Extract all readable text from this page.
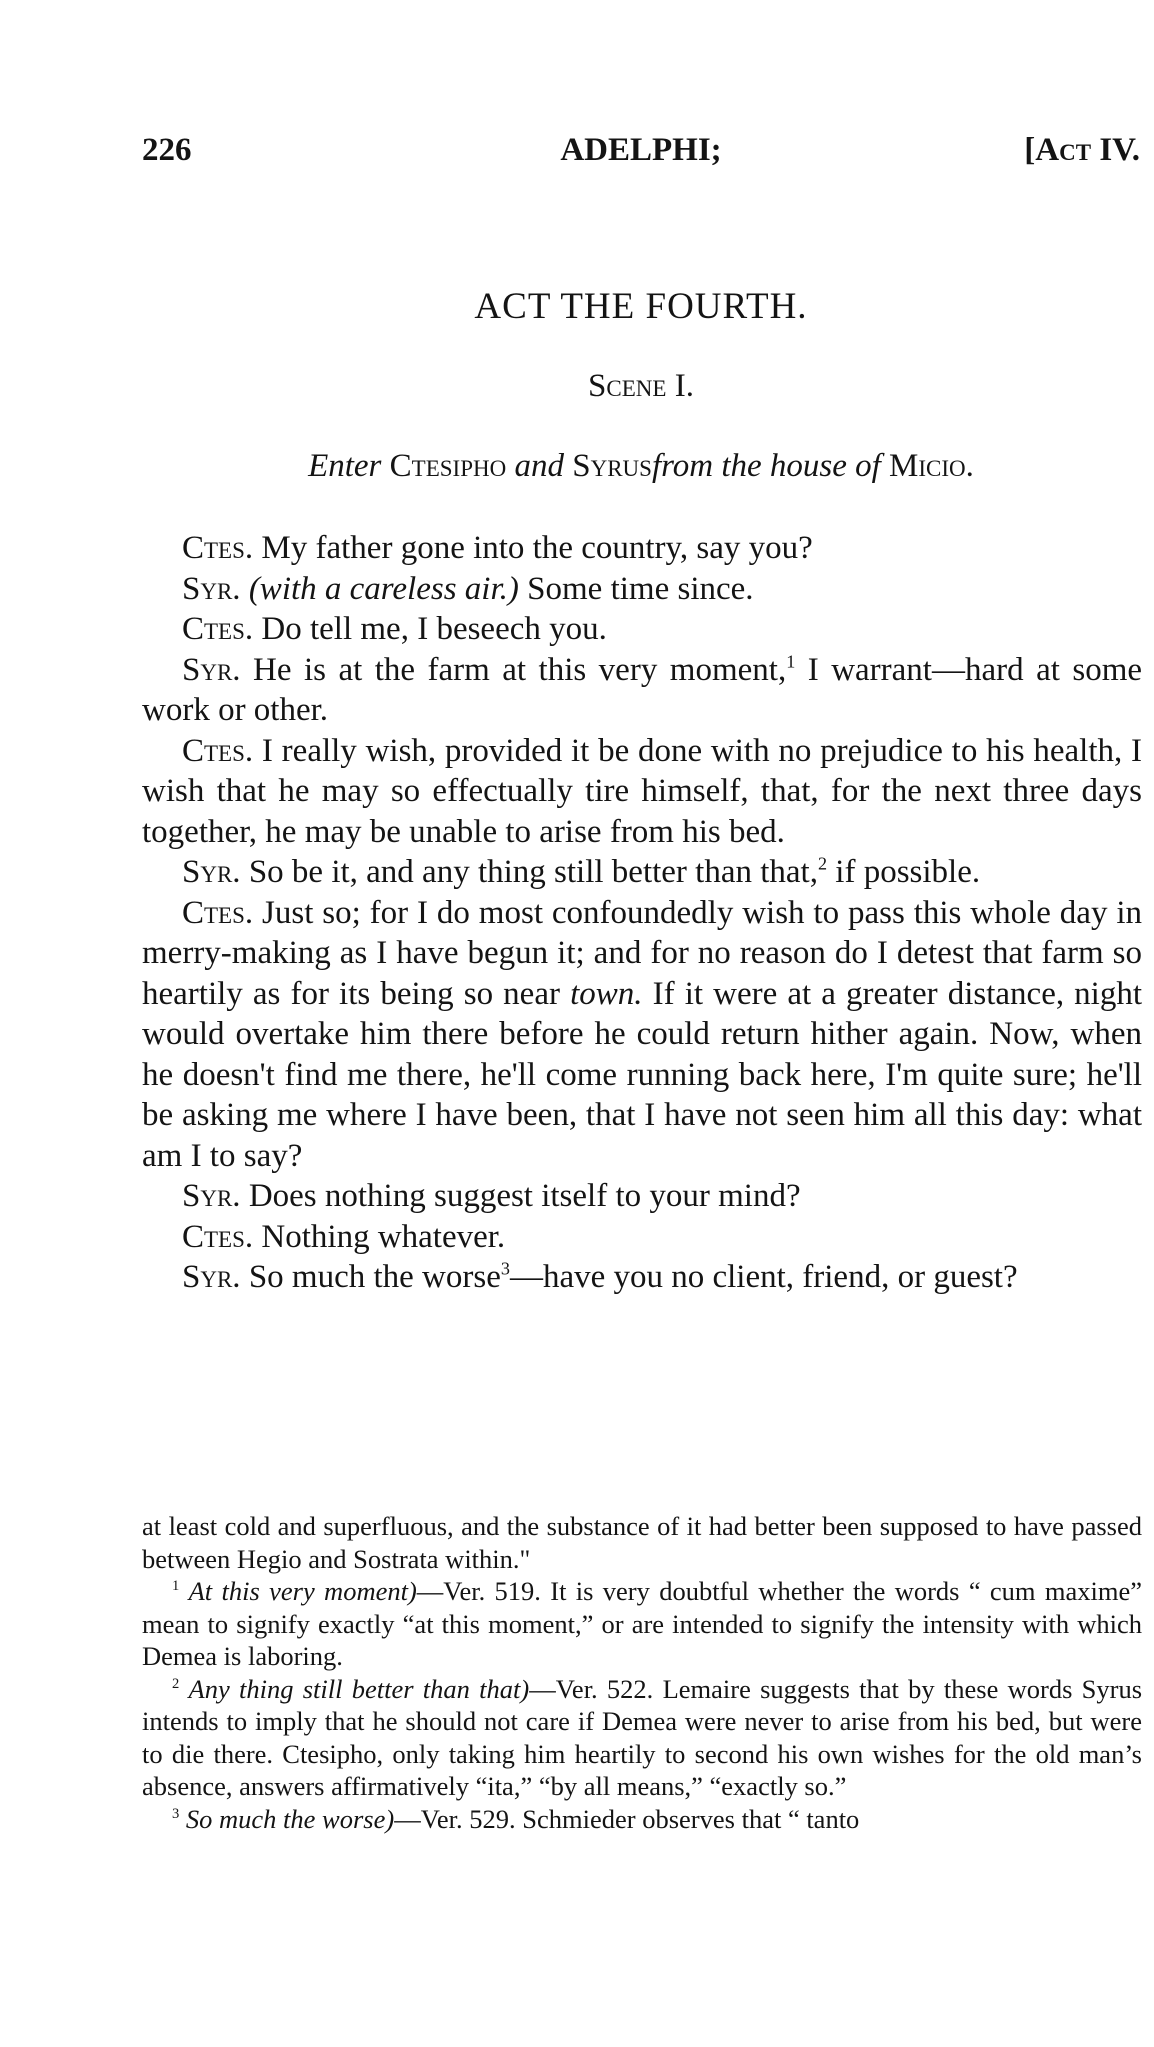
226	ADELPHI;	[Act IV.
ACT THE FOURTH.
Scene I.
Enter Ctesipho and Syrusfrom the house of Micio.

Ctes. My father gone into the country, say you?

Syr. (with a careless air.) Some time since.

Ctes. Do tell me, I beseech you.

Syr. He is at the farm at this very moment,$^1$ I warrant—hard at some work or other.

Ctes. I really wish, provided it be done with no prejudice to his health, I wish that he may so effectually tire himself, that, for the next three days together, he may be unable to arise from his bed.

Syr. So be it, and any thing still better than that,$^2$ if possible.

Ctes. Just so; for I do most confoundedly wish to pass this whole day in merry-making as I have begun it; and for no reason do I detest that farm so heartily as for its being so near town. If it were at a greater distance, night would overtake him there before he could return hither again. Now, when he doesn't find me there, he'll come running back here, I'm quite sure; he'll be asking me where I have been, that I have not seen him all this day: what am I to say?

Syr. Does nothing suggest itself to your mind?

Ctes. Nothing whatever.

Syr. So much the worse$^3$—have you no client, friend, or guest?

at least cold and superfluous, and the substance of it had better been supposed to have passed between Hegio and Sostrata within."

$^1$ At this very moment)—Ver. 519. It is very doubtful whether the words “ cum maxime” mean to signify exactly “at this moment,” or are intended to signify the intensity with which Demea is laboring.

$^2$ Any thing still better than that)—Ver. 522. Lemaire suggests that by these words Syrus intends to imply that he should not care if Demea were never to arise from his bed, but were to die there. Ctesipho, only taking him heartily to second his own wishes for the old man’s absence, answers affirmatively “ita,” “by all means,” “exactly so.”

$^3$ So much the worse)—Ver. 529. Schmieder observes that “ tanto
